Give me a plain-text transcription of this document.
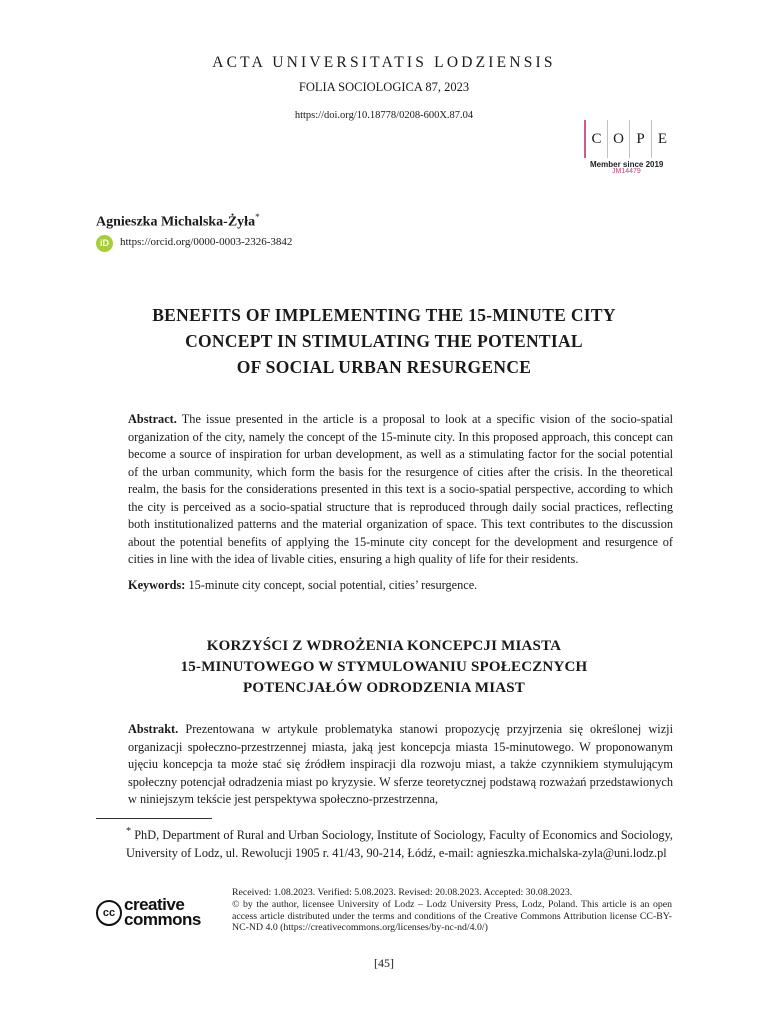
ACTA UNIVERSITATIS LODZIENSIS
FOLIA SOCIOLOGICA 87, 2023
https://doi.org/10.18778/0208-600X.87.04
C O P E
Member since 2019
JM14479
Agnieszka Michalska-Żyła*
iD	https://orcid.org/0000-0003-2326-3842
BENEFITS OF IMPLEMENTING THE 15-MINUTE CITY
CONCEPT IN STIMULATING THE POTENTIAL
OF SOCIAL URBAN RESURGENCE
Abstract. The issue presented in the article is a proposal to look at a specific vision of the socio-spatial organization of the city, namely the concept of the 15-minute city. In this proposed approach, this concept can become a source of inspiration for urban development, as well as a stimulating factor for the social potential of the urban community, which form the basis for the resurgence of cities after the crisis. In the theoretical realm, the basis for the considerations presented in this text is a socio-spatial perspective, according to which the city is perceived as a socio-spatial structure that is reproduced through daily social practices, reflecting both institutionalized patterns and the material organization of space. This text contributes to the discussion about the potential benefits of applying the 15-minute city concept for the development and resurgence of cities in line with the idea of livable cities, ensuring a high quality of life for their residents.
Keywords: 15-minute city concept, social potential, cities’ resurgence.
KORZYŚCI Z WDROŻENIA KONCEPCJI MIASTA
15-MINUTOWEGO W STYMULOWANIU SPOŁECZNYCH
POTENCJAŁÓW ODRODZENIA MIAST
Abstrakt. Prezentowana w artykule problematyka stanowi propozycję przyjrzenia się określonej wizji organizacji społeczno-przestrzennej miasta, jaką jest koncepcja miasta 15-minutowego. W proponowanym ujęciu koncepcja ta może stać się źródłem inspiracji dla rozwoju miast, a także czynnikiem stymulującym społeczny potencjał odradzenia miast po kryzysie. W sferze teoretycznej podstawą rozważań przedstawionych w niniejszym tekście jest perspektywa społeczno-przestrzenna,
* PhD, Department of Rural and Urban Sociology, Institute of Sociology, Faculty of Economics and Sociology, University of Lodz, ul. Rewolucji 1905 r. 41/43, 90-214, Łódź, e-mail: agnieszka.michalska-zyla@uni.lodz.pl
cc creative
commons
Received: 1.08.2023. Verified: 5.08.2023. Revised: 20.08.2023. Accepted: 30.08.2023.
© by the author, licensee University of Lodz – Lodz University Press, Lodz, Poland. This article is an open access article distributed under the terms and conditions of the Creative Commons Attribution license CC-BY-NC-ND 4.0 (https://creativecommons.org/licenses/by-nc-nd/4.0/)
[45]
